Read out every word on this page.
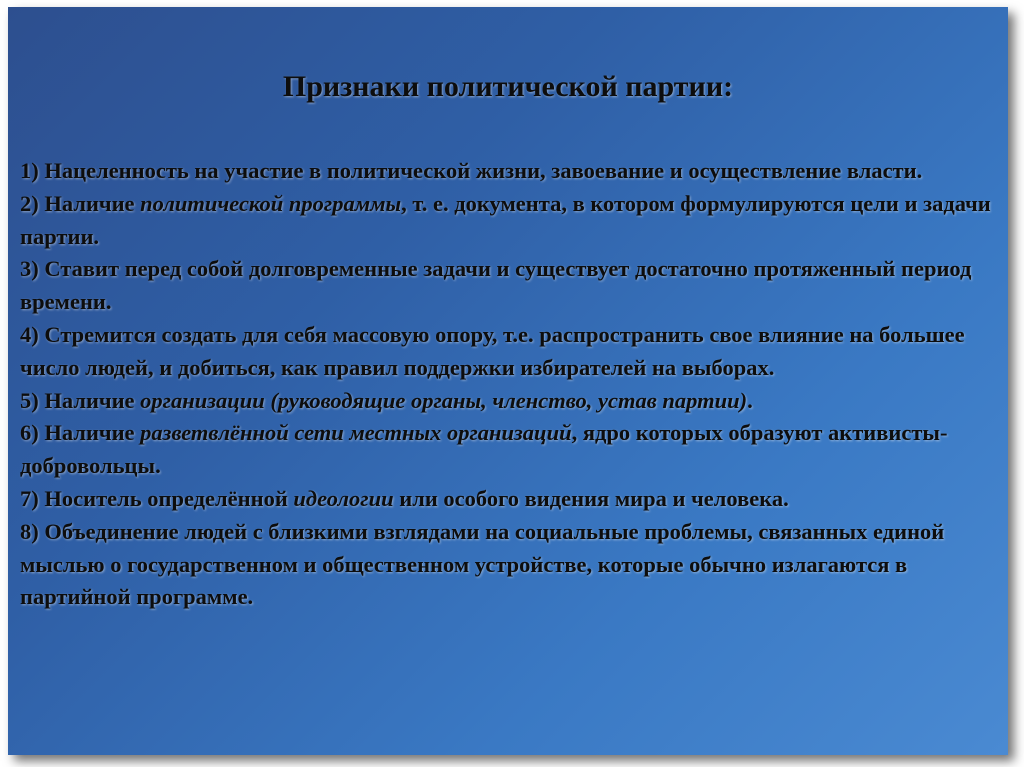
Признаки политической партии:

1) Нацеленность на участие в политической жизни, завоевание и осуществление власти.

2) Наличие политической программы, т. е. документа, в котором формулируются цели и задачи партии.

3) Ставит перед собой долговременные задачи и существует достаточно протяженный период времени.

4) Стремится создать для себя массовую опору, т.е. распространить свое влияние на большее число людей, и добиться, как правил поддержки избирателей на выборах.

5) Наличие организации (руководящие органы, членство, устав партии).

6) Наличие разветвлённой сети местных организаций, ядро которых образуют активисты-добровольцы.

7) Носитель определённой идеологии или особого видения мира и человека.

8) Объединение людей с близкими взглядами на социальные проблемы, связанных единой мыслью о государственном и общественном устройстве, которые обычно излагаются в партийной программе.
